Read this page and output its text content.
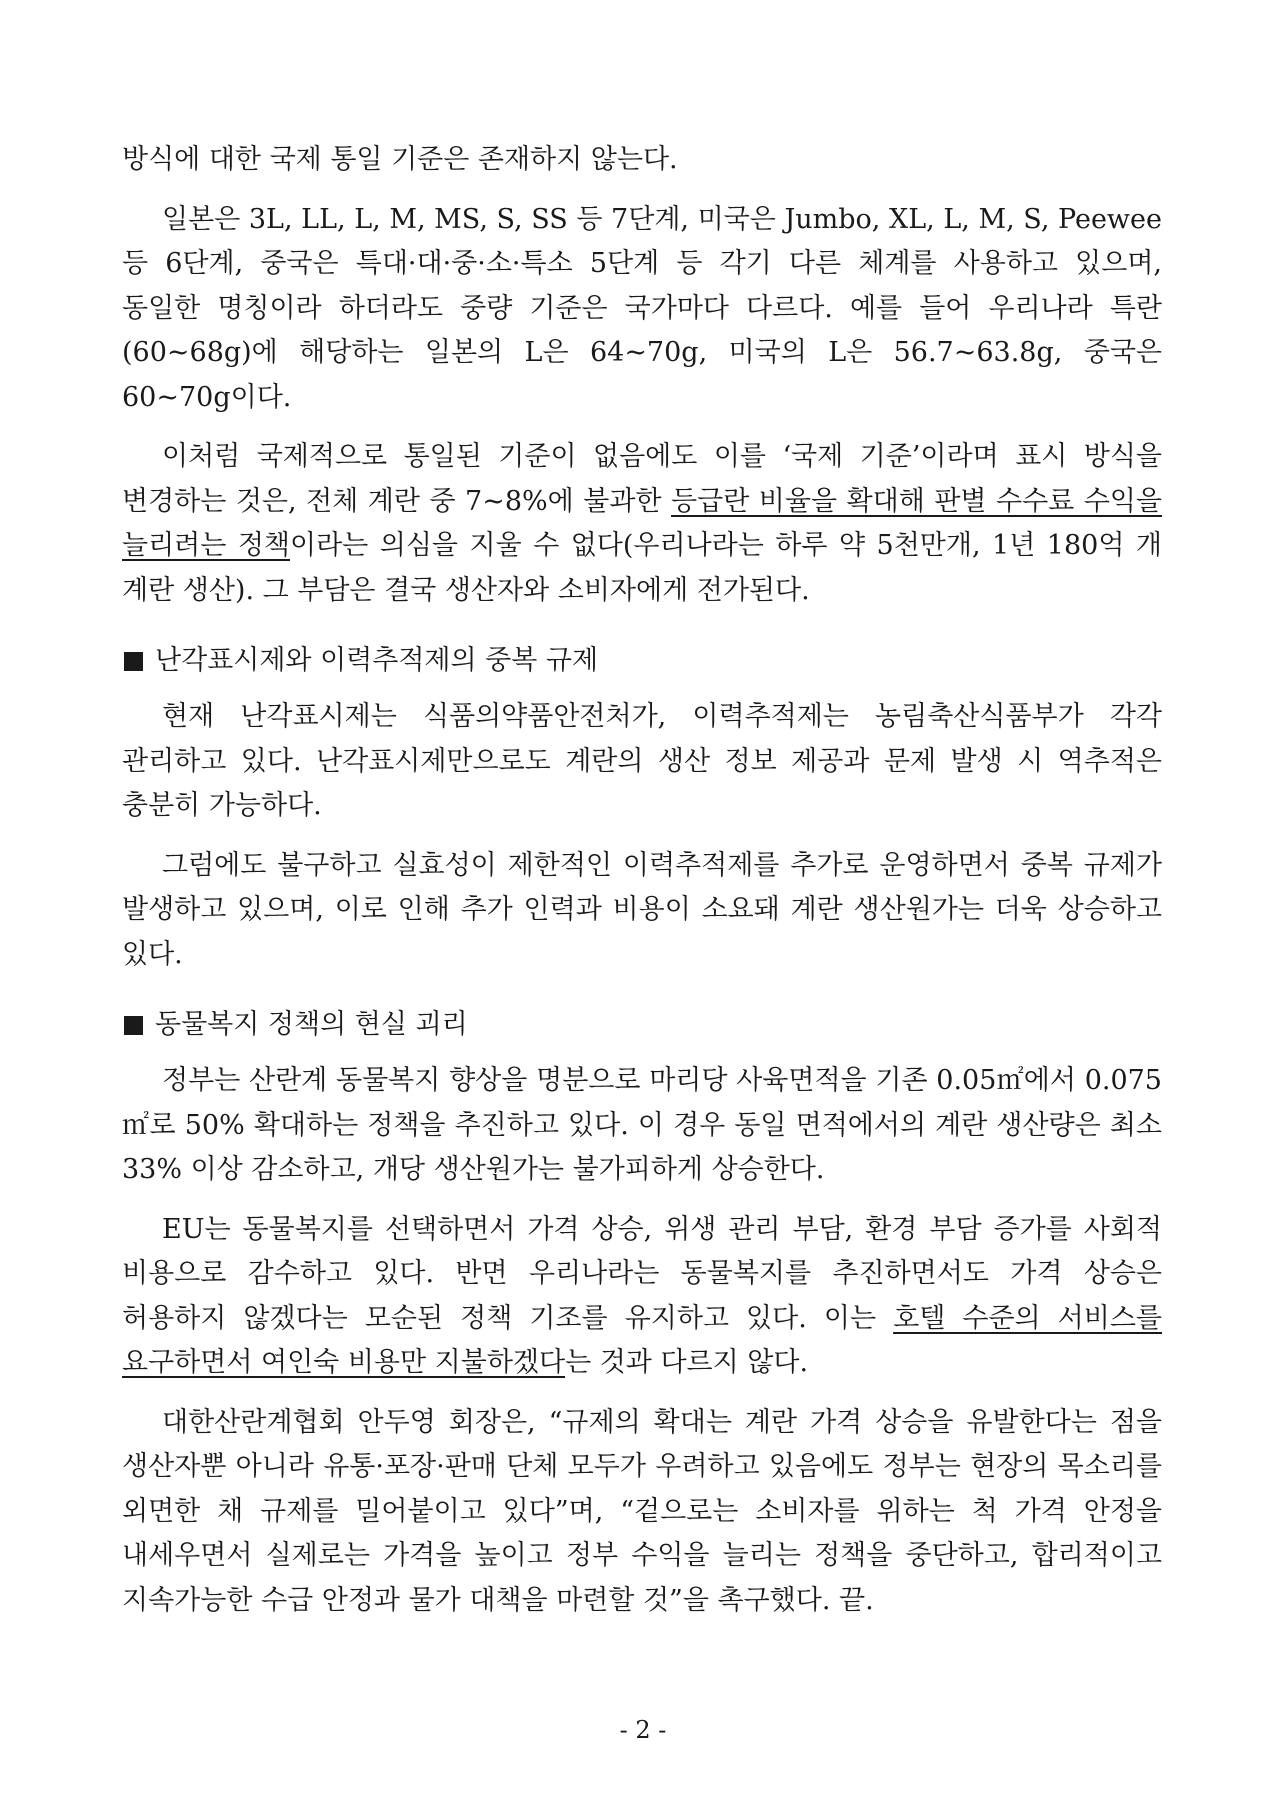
방식에 대한 국제 통일 기준은 존재하지 않는다.

일본은 3L, LL, L, M, MS, S, SS 등 7단계, 미국은 Jumbo, XL, L, M, S, Peewee 등 6단계, 중국은 특대·대·중·소·특소 5단계 등 각기 다른 체계를 사용하고 있으며, 동일한 명칭이라 하더라도 중량 기준은 국가마다 다르다. 예를 들어 우리나라 특란(60~68g)에 해당하는 일본의 L은 64~70g, 미국의 L은 56.7~63.8g, 중국은 60~70g이다.

이처럼 국제적으로 통일된 기준이 없음에도 이를 ‘국제 기준’이라며 표시 방식을 변경하는 것은, 전체 계란 중 7~8%에 불과한 등급란 비율을 확대해 판별 수수료 수익을 늘리려는 정책이라는 의심을 지울 수 없다(우리나라는 하루 약 5천만개, 1년 180억 개 계란 생산). 그 부담은 결국 생산자와 소비자에게 전가된다.

난각표시제와 이력추적제의 중복 규제

현재 난각표시제는 식품의약품안전처가, 이력추적제는 농림축산식품부가 각각 관리하고 있다. 난각표시제만으로도 계란의 생산 정보 제공과 문제 발생 시 역추적은 충분히 가능하다.

그럼에도 불구하고 실효성이 제한적인 이력추적제를 추가로 운영하면서 중복 규제가 발생하고 있으며, 이로 인해 추가 인력과 비용이 소요돼 계란 생산원가는 더욱 상승하고 있다.

동물복지 정책의 현실 괴리

정부는 산란계 동물복지 향상을 명분으로 마리당 사육면적을 기존 0.05㎡에서 0.075㎡로 50% 확대하는 정책을 추진하고 있다. 이 경우 동일 면적에서의 계란 생산량은 최소 33% 이상 감소하고, 개당 생산원가는 불가피하게 상승한다.

EU는 동물복지를 선택하면서 가격 상승, 위생 관리 부담, 환경 부담 증가를 사회적 비용으로 감수하고 있다. 반면 우리나라는 동물복지를 추진하면서도 가격 상승은 허용하지 않겠다는 모순된 정책 기조를 유지하고 있다. 이는 호텔 수준의 서비스를 요구하면서 여인숙 비용만 지불하겠다는 것과 다르지 않다.

대한산란계협회 안두영 회장은, “규제의 확대는 계란 가격 상승을 유발한다는 점을 생산자뿐 아니라 유통·포장·판매 단체 모두가 우려하고 있음에도 정부는 현장의 목소리를 외면한 채 규제를 밀어붙이고 있다”며, “겉으로는 소비자를 위하는 척 가격 안정을 내세우면서 실제로는 가격을 높이고 정부 수익을 늘리는 정책을 중단하고, 합리적이고 지속가능한 수급 안정과 물가 대책을 마련할 것”을 촉구했다. 끝.

- 2 -
